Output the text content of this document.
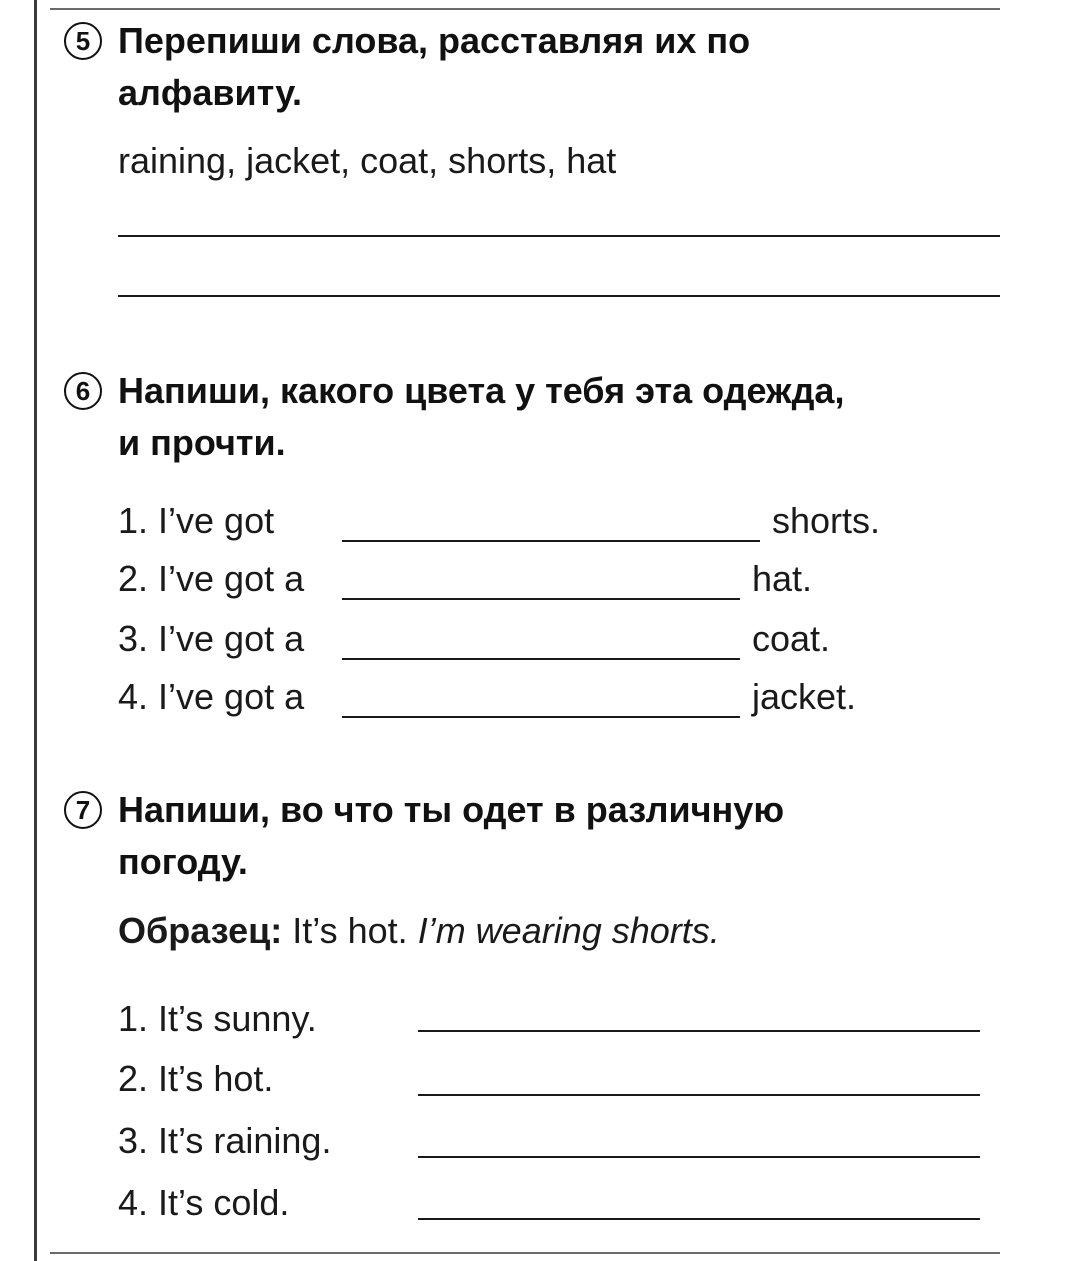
5 Перепиши слова, расставляя их по
алфавиту.
raining, jacket, coat, shorts, hat
6 Напиши, какого цвета у тебя эта одежда,
и прочти.
1. I’ve got	shorts.
2. I’ve got a	hat.
3. I’ve got a	coat.
4. I’ve got a	jacket.
7 Напиши, во что ты одет в различную
погоду.
Образец: It’s hot. I’m wearing shorts.
1. It’s sunny.
2. It’s hot.
3. It’s raining.
4. It’s cold.
